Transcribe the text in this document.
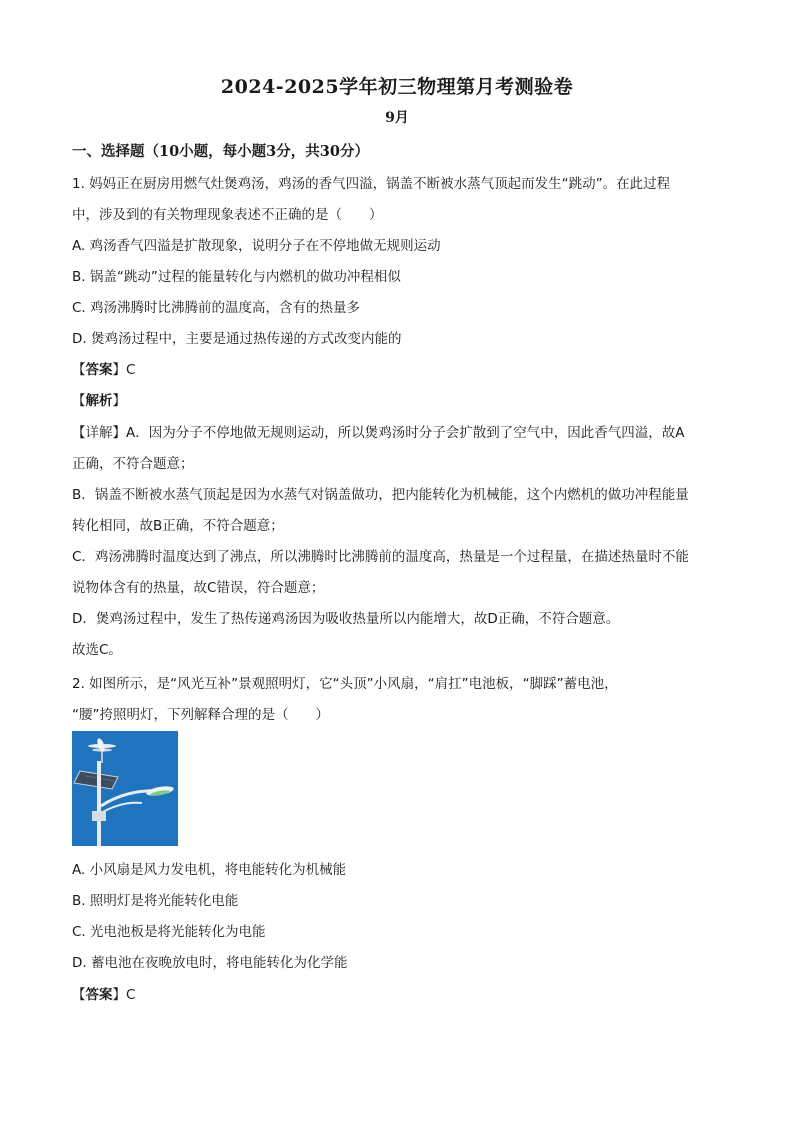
2024-2025学年初三物理第月考测验卷
9月
一、选择题（10小题，每小题3分，共30分）
1. 妈妈正在厨房用燃气灶煲鸡汤，鸡汤的香气四溢，锅盖不断被水蒸气顶起而发生“跳动”。在此过程
中，涉及到的有关物理现象表述不正确的是（　　）
A. 鸡汤香气四溢是扩散现象，说明分子在不停地做无规则运动
B. 锅盖“跳动”过程的能量转化与内燃机的做功冲程相似
C. 鸡汤沸腾时比沸腾前的温度高，含有的热量多
D. 煲鸡汤过程中，主要是通过热传递的方式改变内能的
【答案】C
【解析】
【详解】A．因为分子不停地做无规则运动，所以煲鸡汤时分子会扩散到了空气中，因此香气四溢，故A
正确，不符合题意；
B．锅盖不断被水蒸气顶起是因为水蒸气对锅盖做功，把内能转化为机械能，这个内燃机的做功冲程能量
转化相同，故B正确，不符合题意；
C．鸡汤沸腾时温度达到了沸点，所以沸腾时比沸腾前的温度高，热量是一个过程量，在描述热量时不能
说物体含有的热量，故C错误，符合题意；
D．煲鸡汤过程中，发生了热传递鸡汤因为吸收热量所以内能增大，故D正确，不符合题意。
故选C。
2. 如图所示，是“风光互补”景观照明灯，它“头顶”小风扇，“肩扛”电池板，“脚踩”蓄电池，
“腰”挎照明灯，下列解释合理的是（　　）
A. 小风扇是风力发电机，将电能转化为机械能
B. 照明灯是将光能转化电能
C. 光电池板是将光能转化为电能
D. 蓄电池在夜晚放电时，将电能转化为化学能
【答案】C
